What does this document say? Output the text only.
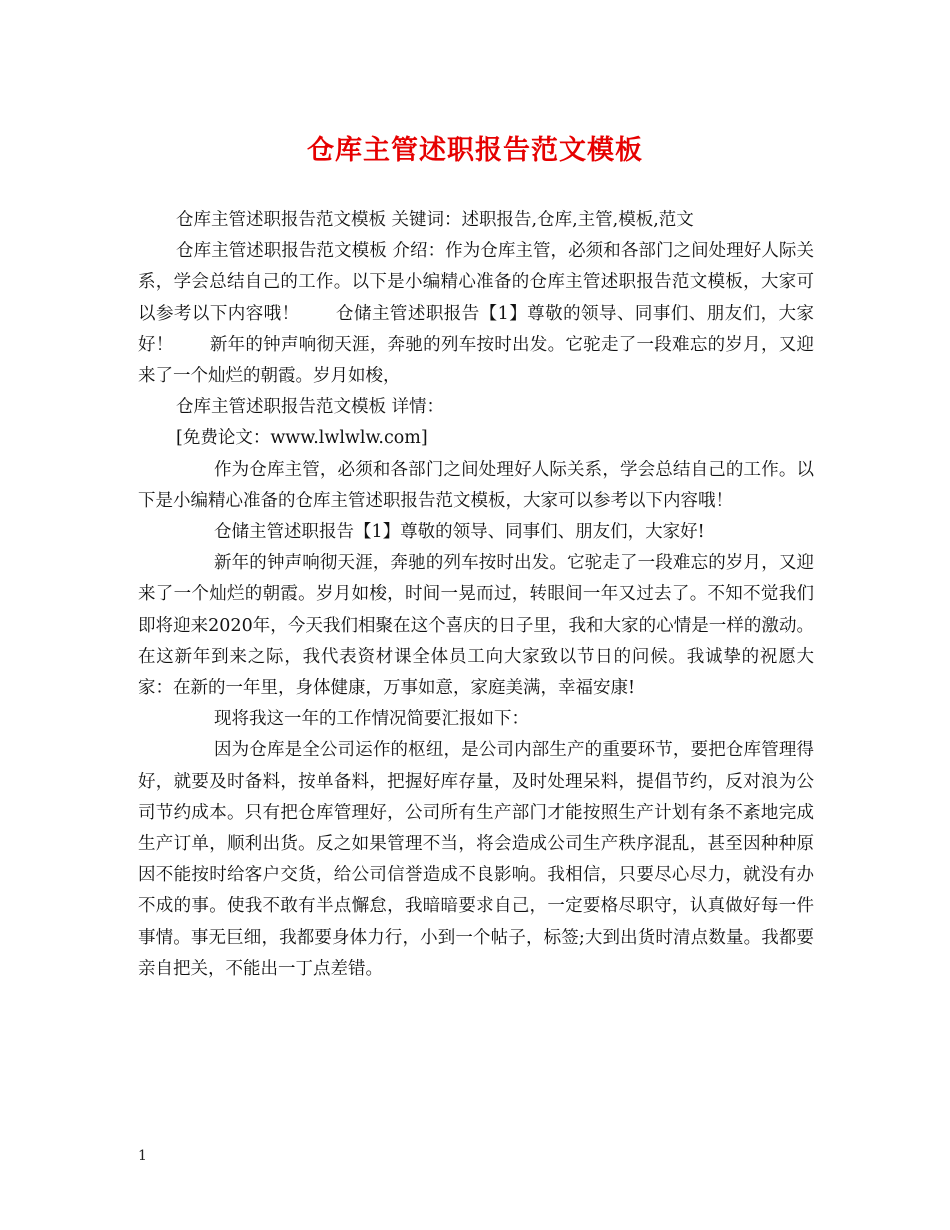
仓库主管述职报告范文模板

仓库主管述职报告范文模板 关键词：述职报告,仓库,主管,模板,范文

仓库主管述职报告范文模板 介绍：作为仓库主管，必须和各部门之间处理好人际关系，学会总结自己的工作。以下是小编精心准备的仓库主管述职报告范文模板，大家可以参考以下内容哦！ 仓储主管述职报告【1】尊敬的领导、同事们、朋友们，大家好！ 新年的钟声响彻天涯，奔驰的列车按时出发。它驼走了一段难忘的岁月，又迎来了一个灿烂的朝霞。岁月如梭，

仓库主管述职报告范文模板 详情：

[免费论文：www.lwlwlw.com]

作为仓库主管，必须和各部门之间处理好人际关系，学会总结自己的工作。以下是小编精心准备的仓库主管述职报告范文模板，大家可以参考以下内容哦！

仓储主管述职报告【1】尊敬的领导、同事们、朋友们，大家好!

新年的钟声响彻天涯，奔驰的列车按时出发。它驼走了一段难忘的岁月，又迎来了一个灿烂的朝霞。岁月如梭，时间一晃而过，转眼间一年又过去了。不知不觉我们即将迎来2020年，今天我们相聚在这个喜庆的日子里，我和大家的心情是一样的激动。在这新年到来之际，我代表资材课全体员工向大家致以节日的问候。我诚挚的祝愿大家：在新的一年里，身体健康，万事如意，家庭美满，幸福安康!

现将我这一年的工作情况简要汇报如下：

因为仓库是全公司运作的枢纽，是公司内部生产的重要环节，要把仓库管理得好，就要及时备料，按单备料，把握好库存量，及时处理呆料，提倡节约，反对浪为公司节约成本。只有把仓库管理好，公司所有生产部门才能按照生产计划有条不紊地完成生产订单，顺利出货。反之如果管理不当，将会造成公司生产秩序混乱，甚至因种种原因不能按时给客户交货，给公司信誉造成不良影响。我相信，只要尽心尽力，就没有办不成的事。使我不敢有半点懈怠，我暗暗要求自己，一定要格尽职守，认真做好每一件事情。事无巨细，我都要身体力行，小到一个帖子，标签;大到出货时清点数量。我都要亲自把关，不能出一丁点差错。

1
